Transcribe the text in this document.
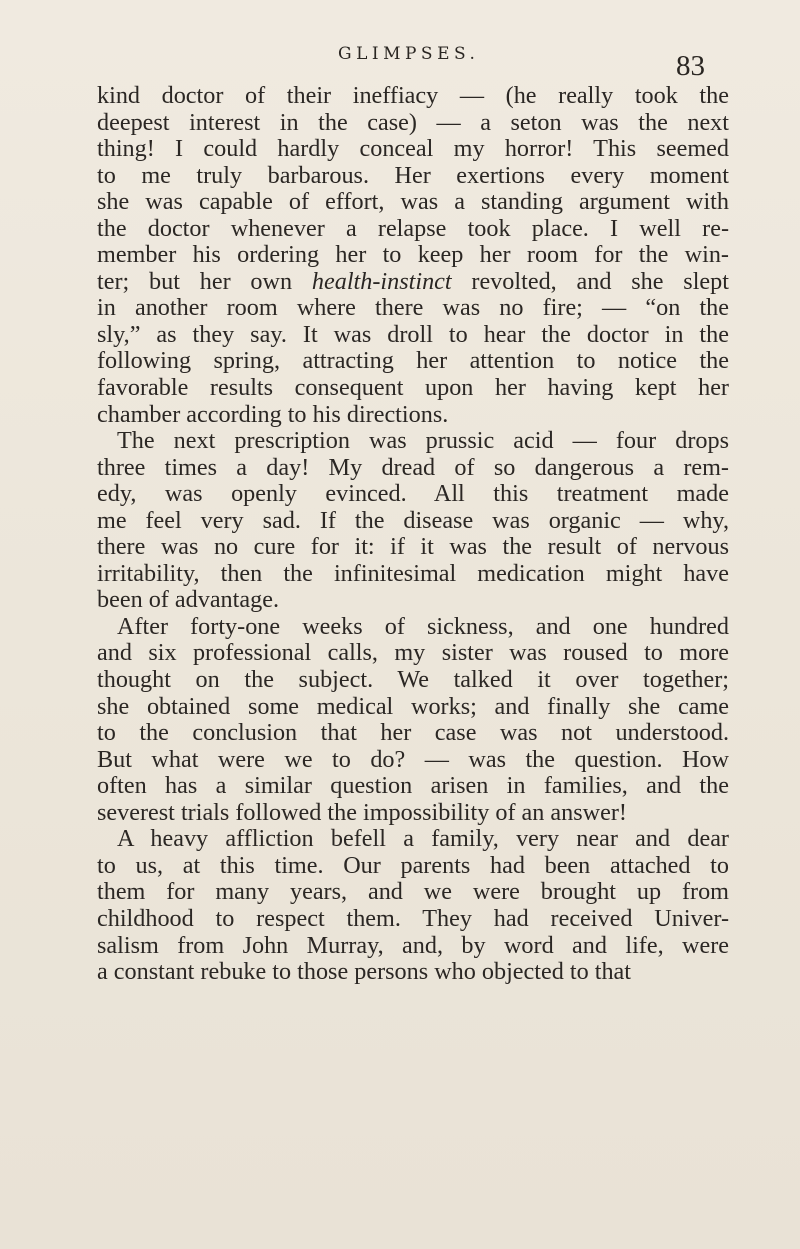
GLIMPSES.	83
kind doctor of their ineffiacy — (he really took the
deepest interest in the case) — a seton was the next
thing! I could hardly conceal my horror! This seemed
to me truly barbarous. Her exertions every moment
she was capable of effort, was a standing argument with
the doctor whenever a relapse took place. I well re-
member his ordering her to keep her room for the win-
ter; but her own health-instinct revolted, and she slept
in another room where there was no fire; — “on the
sly,” as they say. It was droll to hear the doctor in the
following spring, attracting her attention to notice the
favorable results consequent upon her having kept her
chamber according to his directions.
The next prescription was prussic acid — four drops
three times a day! My dread of so dangerous a rem-
edy, was openly evinced. All this treatment made
me feel very sad. If the disease was organic — why,
there was no cure for it: if it was the result of nervous
irritability, then the infinitesimal medication might have
been of advantage.
After forty-one weeks of sickness, and one hundred
and six professional calls, my sister was roused to more
thought on the subject. We talked it over together;
she obtained some medical works; and finally she came
to the conclusion that her case was not understood.
But what were we to do? — was the question. How
often has a similar question arisen in families, and the
severest trials followed the impossibility of an answer!
A heavy affliction befell a family, very near and dear
to us, at this time. Our parents had been attached to
them for many years, and we were brought up from
childhood to respect them. They had received Univer-
salism from John Murray, and, by word and life, were
a constant rebuke to those persons who objected to that
